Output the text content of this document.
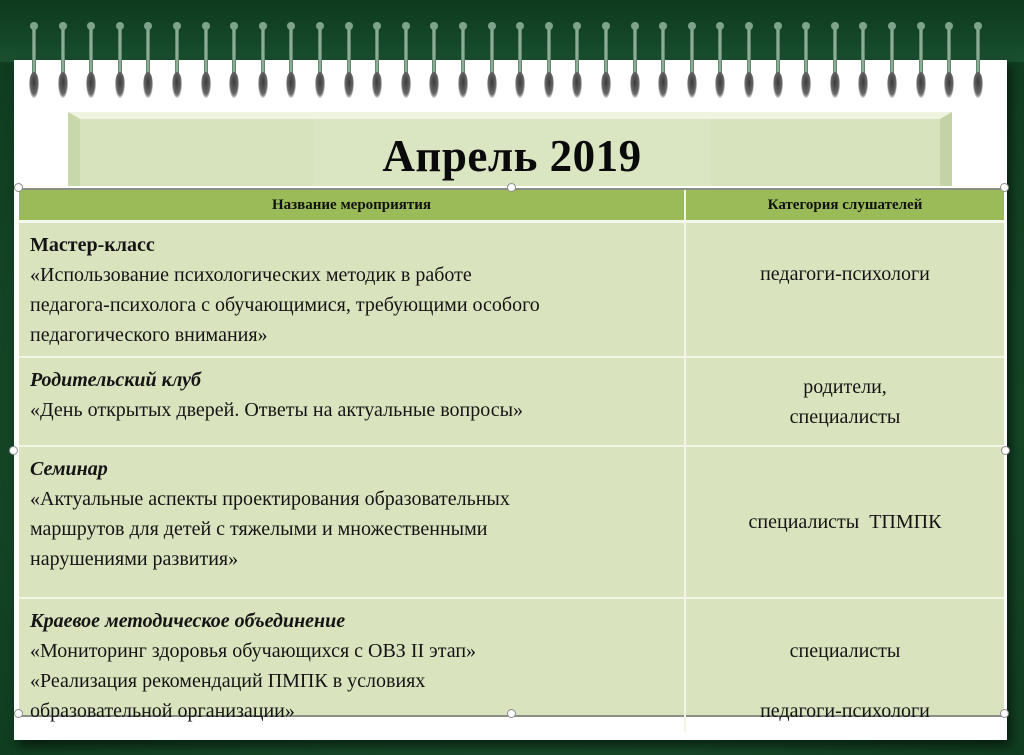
Апрель 2019
Название мероприятия	Категория слушателей

Мастер-класс
«Использование психологических методик в работе
педагога-психолога с обучающимися, требующими особого
педагогического внимания»	педагоги-психологи

Родительский клуб
«День открытых дверей. Ответы на актуальные вопросы»	родители,
специалисты

Семинар
«Актуальные аспекты проектирования образовательных
маршрутов для детей с тяжелыми и множественными
нарушениями развития»	специалисты  ТПМПК

Краевое методическое объединение
«Мониторинг здоровья обучающихся с ОВЗ II этап»
«Реализация рекомендаций ПМПК в условиях
образовательной организации»	специалисты
педагоги-психологи
